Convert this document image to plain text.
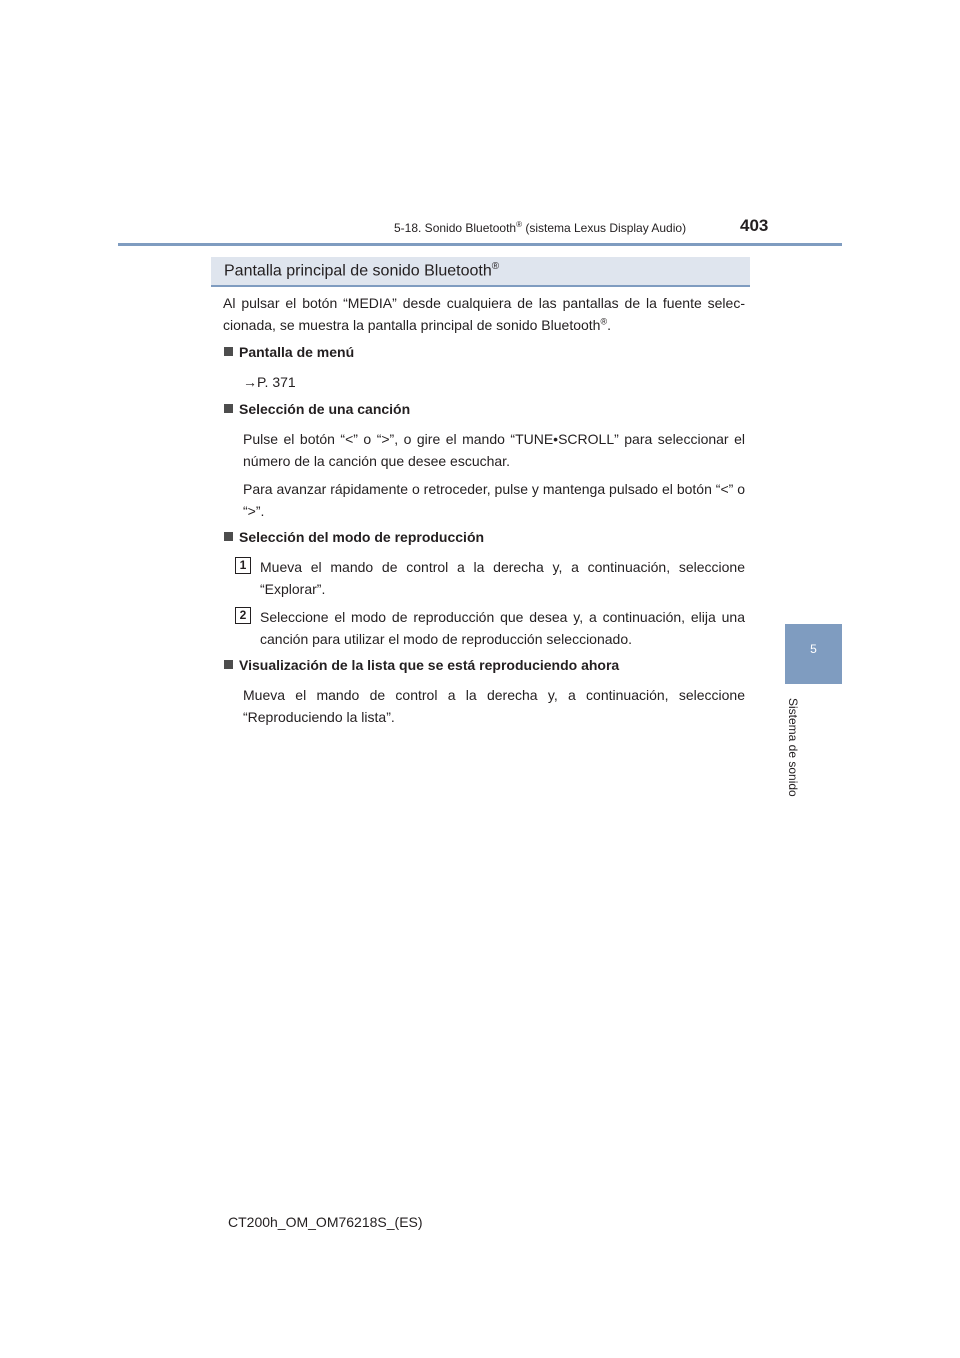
5-18. Sonido Bluetooth® (sistema Lexus Display Audio)	403
5
Sistema de sonido
Pantalla principal de sonido Bluetooth®
Al pulsar el botón “MEDIA” desde cualquiera de las pantallas de la fuente selec-cionada, se muestra la pantalla principal de sonido Bluetooth®.
Pantalla de menú
→P. 371
Selección de una canción
Pulse el botón “<” o “>”, o gire el mando “TUNE•SCROLL” para seleccionar el número de la canción que desee escuchar.
Para avanzar rápidamente o retroceder, pulse y mantenga pulsado el botón “<” o “>”.
Selección del modo de reproducción
1 Mueva el mando de control a la derecha y, a continuación, seleccione “Explorar”.
2 Seleccione el modo de reproducción que desea y, a continuación, elija una canción para utilizar el modo de reproducción seleccionado.
Visualización de la lista que se está reproduciendo ahora
Mueva el mando de control a la derecha y, a continuación, seleccione “Reproduciendo la lista”.
CT200h_OM_OM76218S_(ES)
